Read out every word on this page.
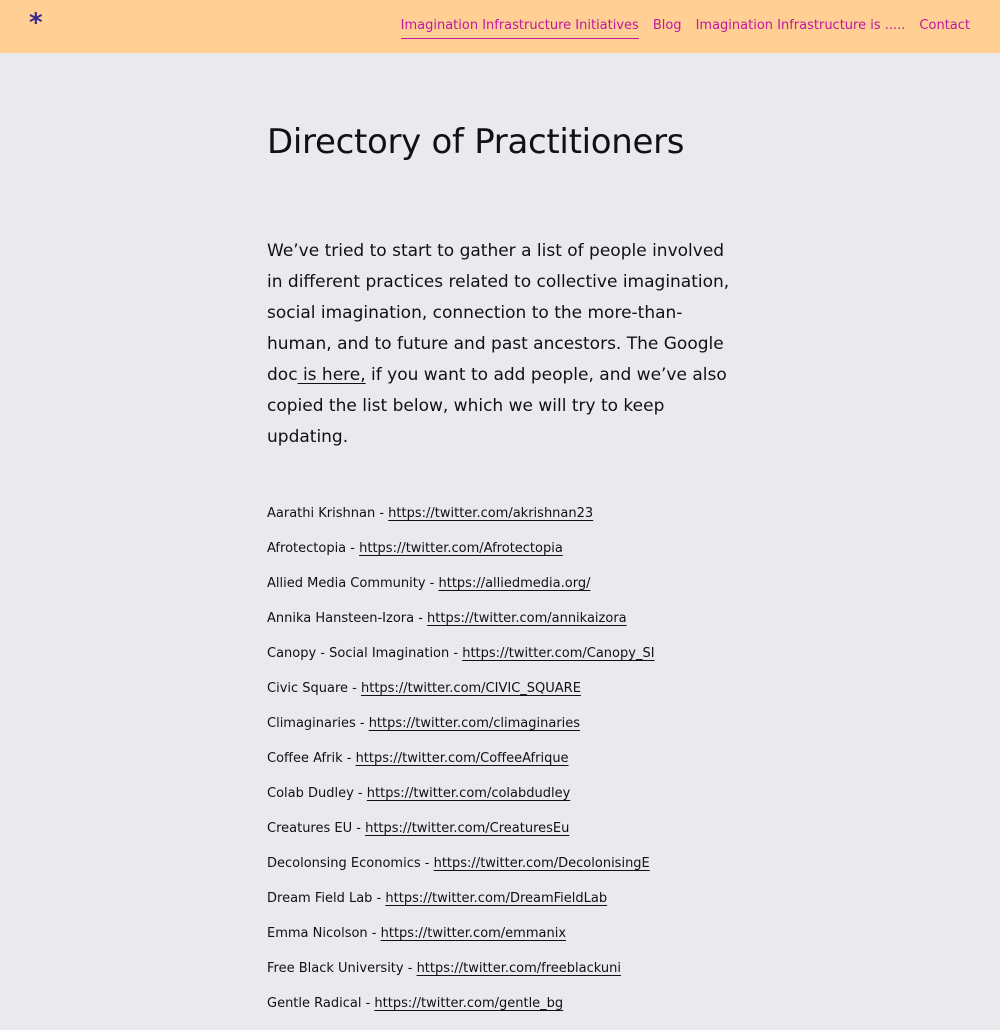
*	Imagination Infrastructure Initiatives Blog Imagination Infrastructure is ..... Contact
Directory of Practitioners

We’ve tried to start to gather a list of people involved in different practices related to collective imagination, social imagination, connection to the more-than-human, and to future and past ancestors. The Google doc is here, if you want to add people, and we’ve also copied the list below, which we will try to keep updating.

Aarathi Krishnan - https://twitter.com/akrishnan23
Afrotectopia - https://twitter.com/Afrotectopia
Allied Media Community - https://alliedmedia.org/
Annika Hansteen-Izora - https://twitter.com/annikaizora
Canopy - Social Imagination - https://twitter.com/Canopy_SI
Civic Square - https://twitter.com/CIVIC_SQUARE
Climaginaries - https://twitter.com/climaginaries
Coffee Afrik - https://twitter.com/CoffeeAfrique
Colab Dudley - https://twitter.com/colabdudley
Creatures EU - https://twitter.com/CreaturesEu
Decolonsing Economics - https://twitter.com/DecolonisingE
Dream Field Lab - https://twitter.com/DreamFieldLab
Emma Nicolson - https://twitter.com/emmanix
Free Black University - https://twitter.com/freeblackuni
Gentle Radical - https://twitter.com/gentle_bg
